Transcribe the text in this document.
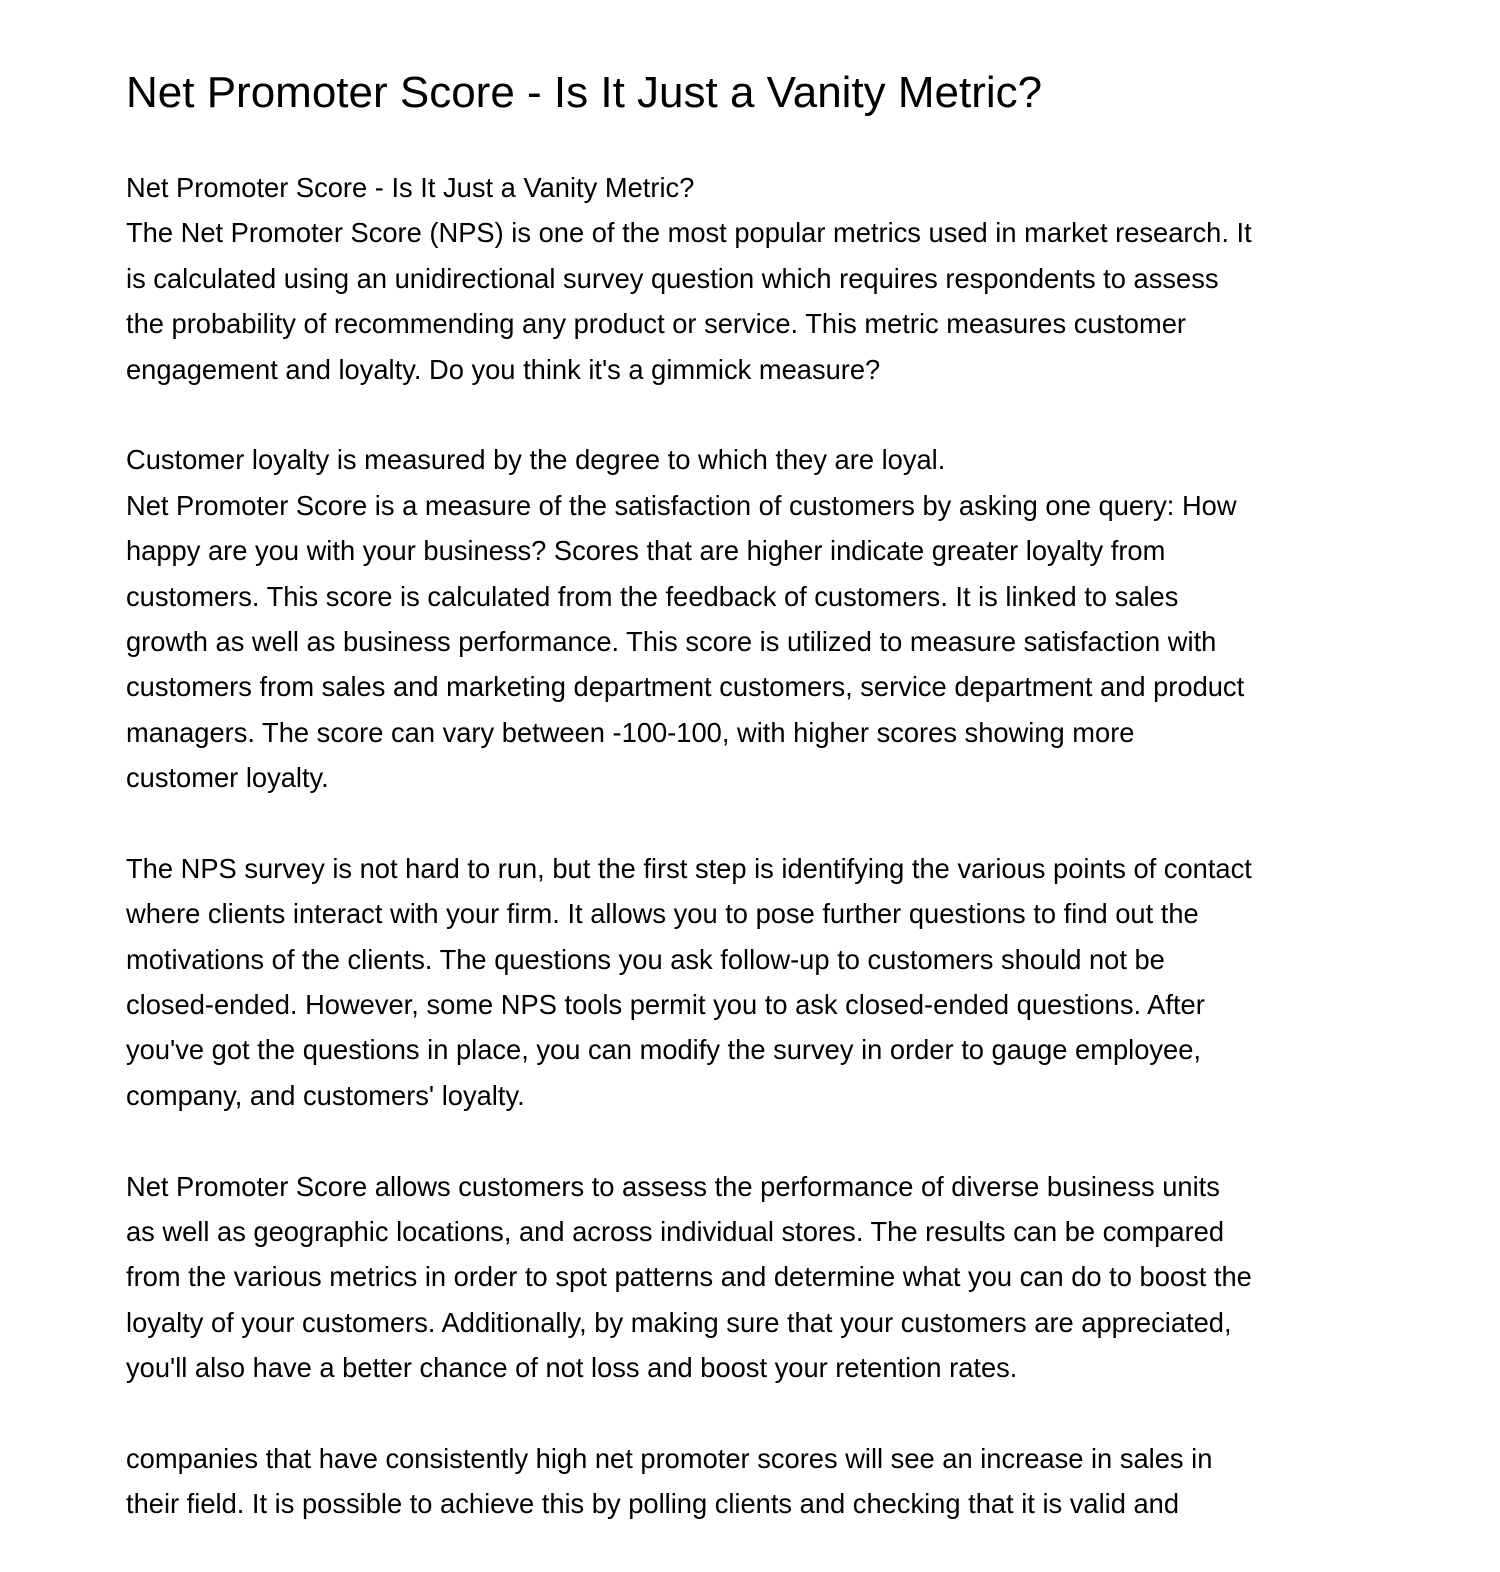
Net Promoter Score - Is It Just a Vanity Metric?
Net Promoter Score - Is It Just a Vanity Metric?
The Net Promoter Score (NPS) is one of the most popular metrics used in market research. It
is calculated using an unidirectional survey question which requires respondents to assess
the probability of recommending any product or service. This metric measures customer
engagement and loyalty. Do you think it's a gimmick measure?
Customer loyalty is measured by the degree to which they are loyal.
Net Promoter Score is a measure of the satisfaction of customers by asking one query: How
happy are you with your business? Scores that are higher indicate greater loyalty from
customers. This score is calculated from the feedback of customers. It is linked to sales
growth as well as business performance. This score is utilized to measure satisfaction with
customers from sales and marketing department customers, service department and product
managers. The score can vary between -100-100, with higher scores showing more
customer loyalty.
The NPS survey is not hard to run, but the first step is identifying the various points of contact
where clients interact with your firm. It allows you to pose further questions to find out the
motivations of the clients. The questions you ask follow-up to customers should not be
closed-ended. However, some NPS tools permit you to ask closed-ended questions. After
you've got the questions in place, you can modify the survey in order to gauge employee,
company, and customers' loyalty.
Net Promoter Score allows customers to assess the performance of diverse business units
as well as geographic locations, and across individual stores. The results can be compared
from the various metrics in order to spot patterns and determine what you can do to boost the
loyalty of your customers. Additionally, by making sure that your customers are appreciated,
you'll also have a better chance of not loss and boost your retention rates.
companies that have consistently high net promoter scores will see an increase in sales in
their field. It is possible to achieve this by polling clients and checking that it is valid and
